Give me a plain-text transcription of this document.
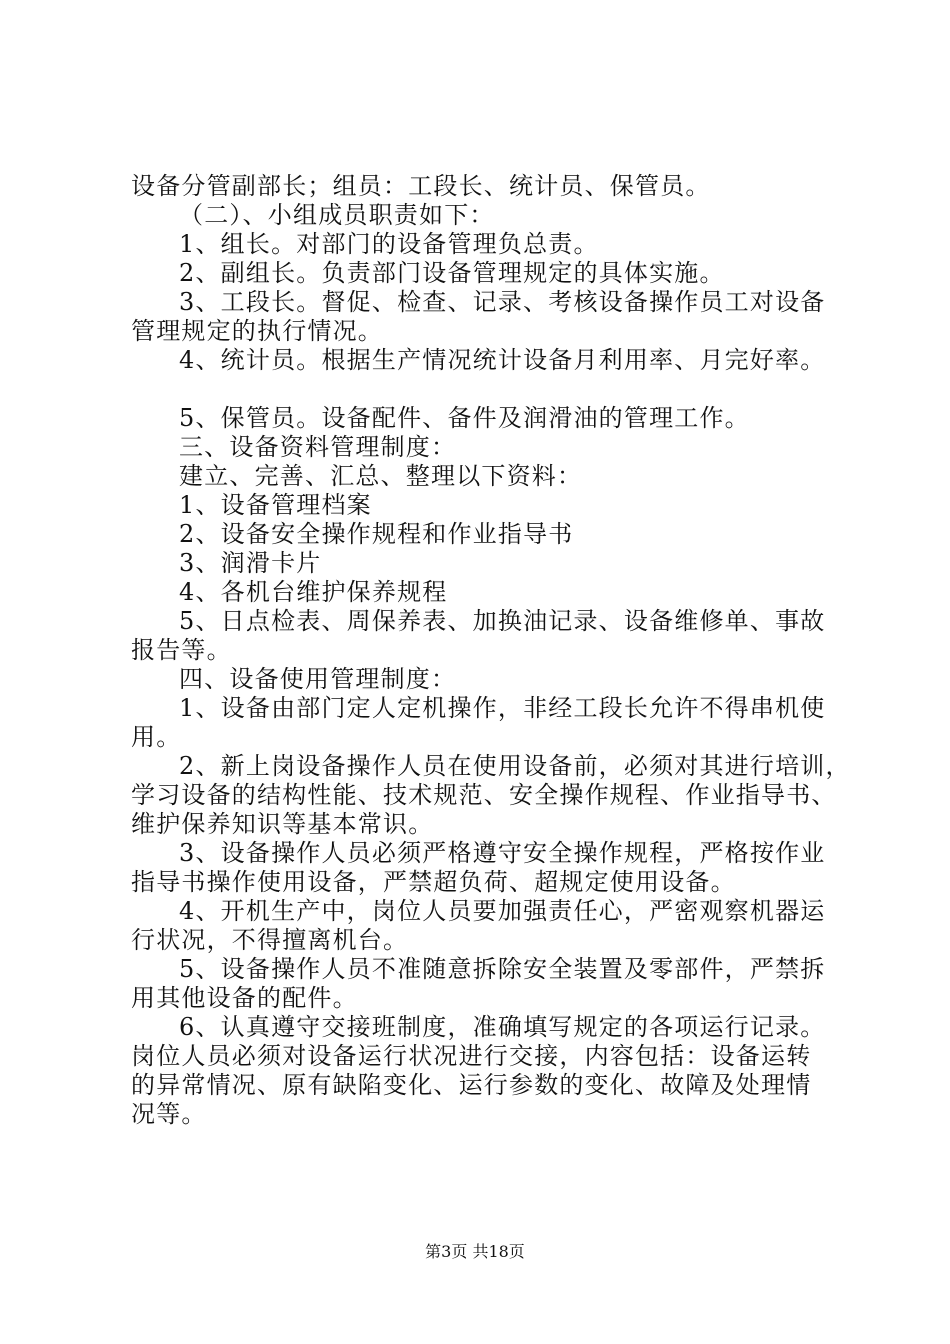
设备分管副部长；组员：工段长、统计员、保管员。
（二）、小组成员职责如下：
1、组长。对部门的设备管理负总责。
2、副组长。负责部门设备管理规定的具体实施。
3、工段长。督促、检查、记录、考核设备操作员工对设备
管理规定的执行情况。
4、统计员。根据生产情况统计设备月利用率、月完好率。
5、保管员。设备配件、备件及润滑油的管理工作。
三、设备资料管理制度：
建立、完善、汇总、整理以下资料：
1、设备管理档案
2、设备安全操作规程和作业指导书
3、润滑卡片
4、各机台维护保养规程
5、日点检表、周保养表、加换油记录、设备维修单、事故
报告等。
四、设备使用管理制度：
1、设备由部门定人定机操作，非经工段长允许不得串机使
用。
2、新上岗设备操作人员在使用设备前，必须对其进行培训，
学习设备的结构性能、技术规范、安全操作规程、作业指导书、
维护保养知识等基本常识。
3、设备操作人员必须严格遵守安全操作规程，严格按作业
指导书操作使用设备，严禁超负荷、超规定使用设备。
4、开机生产中，岗位人员要加强责任心，严密观察机器运
行状况，不得擅离机台。
5、设备操作人员不准随意拆除安全装置及零部件，严禁拆
用其他设备的配件。
6、认真遵守交接班制度，准确填写规定的各项运行记录。
岗位人员必须对设备运行状况进行交接，内容包括：设备运转
的异常情况、原有缺陷变化、运行参数的变化、故障及处理情
况等。
第3页 共18页
